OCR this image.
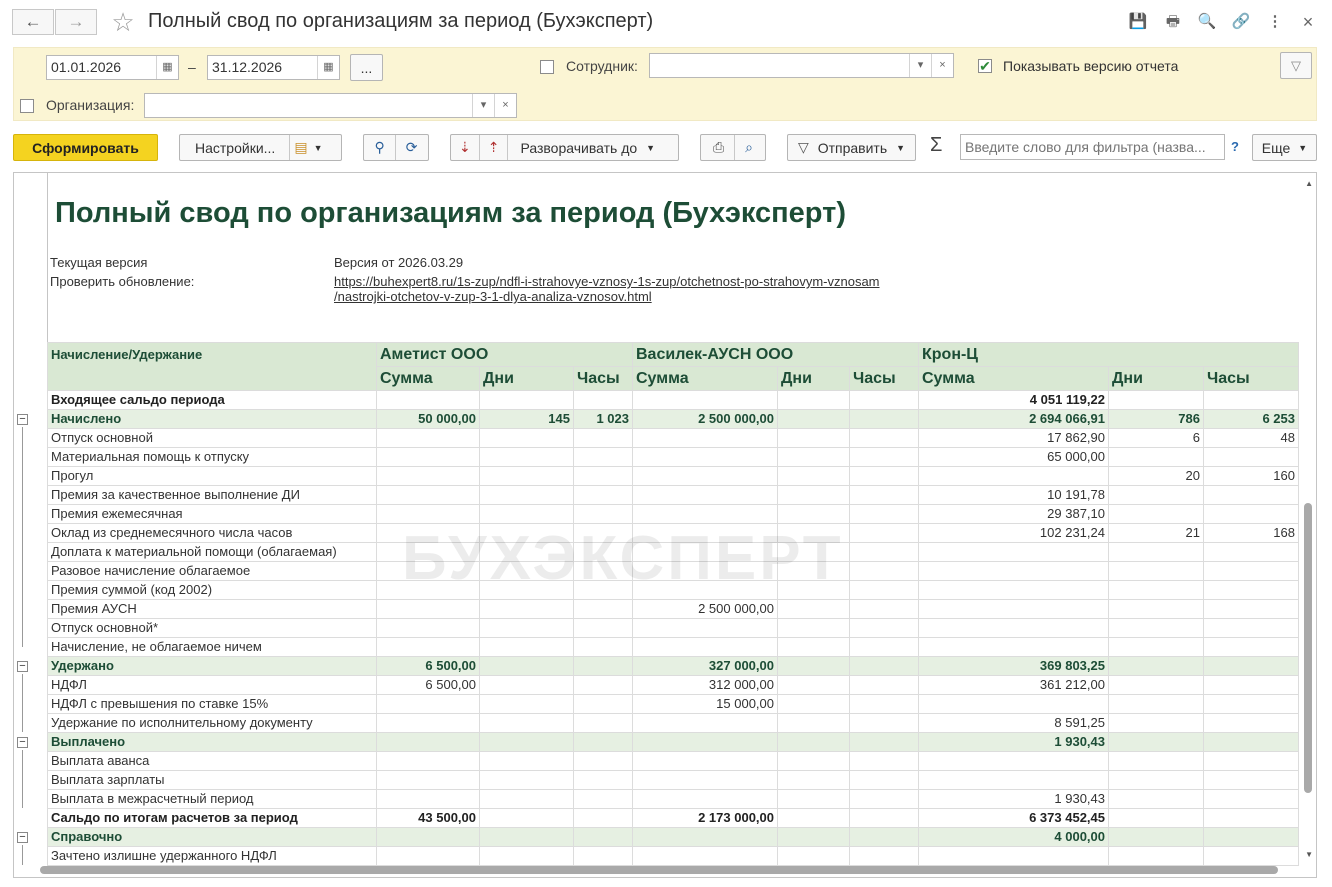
← → ☆ Полный свод по организациям за период (Бухэксперт)	💾 🖶 🔍 🔗 ⋮ ×
01.01.2026	▦	–	31.12.2026	▦	...	Сотрудник:	▾	×	✔ Показывать версию отчета	▽
Организация:	▾	×
Сформировать	Настройки... ▤ ▼	⚲ ⟳	⇣ ⇡ Разворачивать до ▼	⎙ ⌕	▽ Отправить ▼ Σ
Введите слово для фильтра (назва...	? Еще ▼
−
−
−
−
Полный свод по организациям за период (Бухэксперт)
Текущая версия	Версия от 2026.03.29
Проверить обновление:	https://buhexpert8.ru/1s-zup/ndfl-i-strahovye-vznosy-1s-zup/otchetnost-po-strahovym-vznosam
/nastrojki-otchetov-v-zup-3-1-dlya-analiza-vznosov.html
Начисление/Удержание	Аметист ООО			Василек-АУСН ООО			Крон-Ц		
	Сумма	Дни	Часы	Сумма	Дни	Часы	Сумма	Дни	Часы
Входящее сальдо периода							4 051 119,22		
Начислено	50 000,00	145	1 023	2 500 000,00			2 694 066,91	786	6 253
Отпуск основной							17 862,90	6	48
Материальная помощь к отпуску							65 000,00		
Прогул								20	160
Премия за качественное выполнение ДИ							10 191,78		
Премия ежемесячная							29 387,10		
Оклад из среднемесячного числа часов							102 231,24	21	168
Доплата к материальной помощи (облагаемая)									
Разовое начисление облагаемое									
Премия суммой (код 2002)									
Премия АУСН				2 500 000,00					
Отпуск основной*									
Начисление, не облагаемое ничем									
Удержано	6 500,00			327 000,00			369 803,25		
НДФЛ	6 500,00			312 000,00			361 212,00		
НДФЛ с превышения по ставке 15%				15 000,00					
Удержание по исполнительному документу							8 591,25		
Выплачено							1 930,43		
Выплата аванса									
Выплата зарплаты									
Выплата в межрасчетный период							1 930,43		
Сальдо по итогам расчетов за период	43 500,00			2 173 000,00			6 373 452,45		
Справочно							4 000,00		
Зачтено излишне удержанного НДФЛ									
БУХЭКСПЕРТ
▲
▼
